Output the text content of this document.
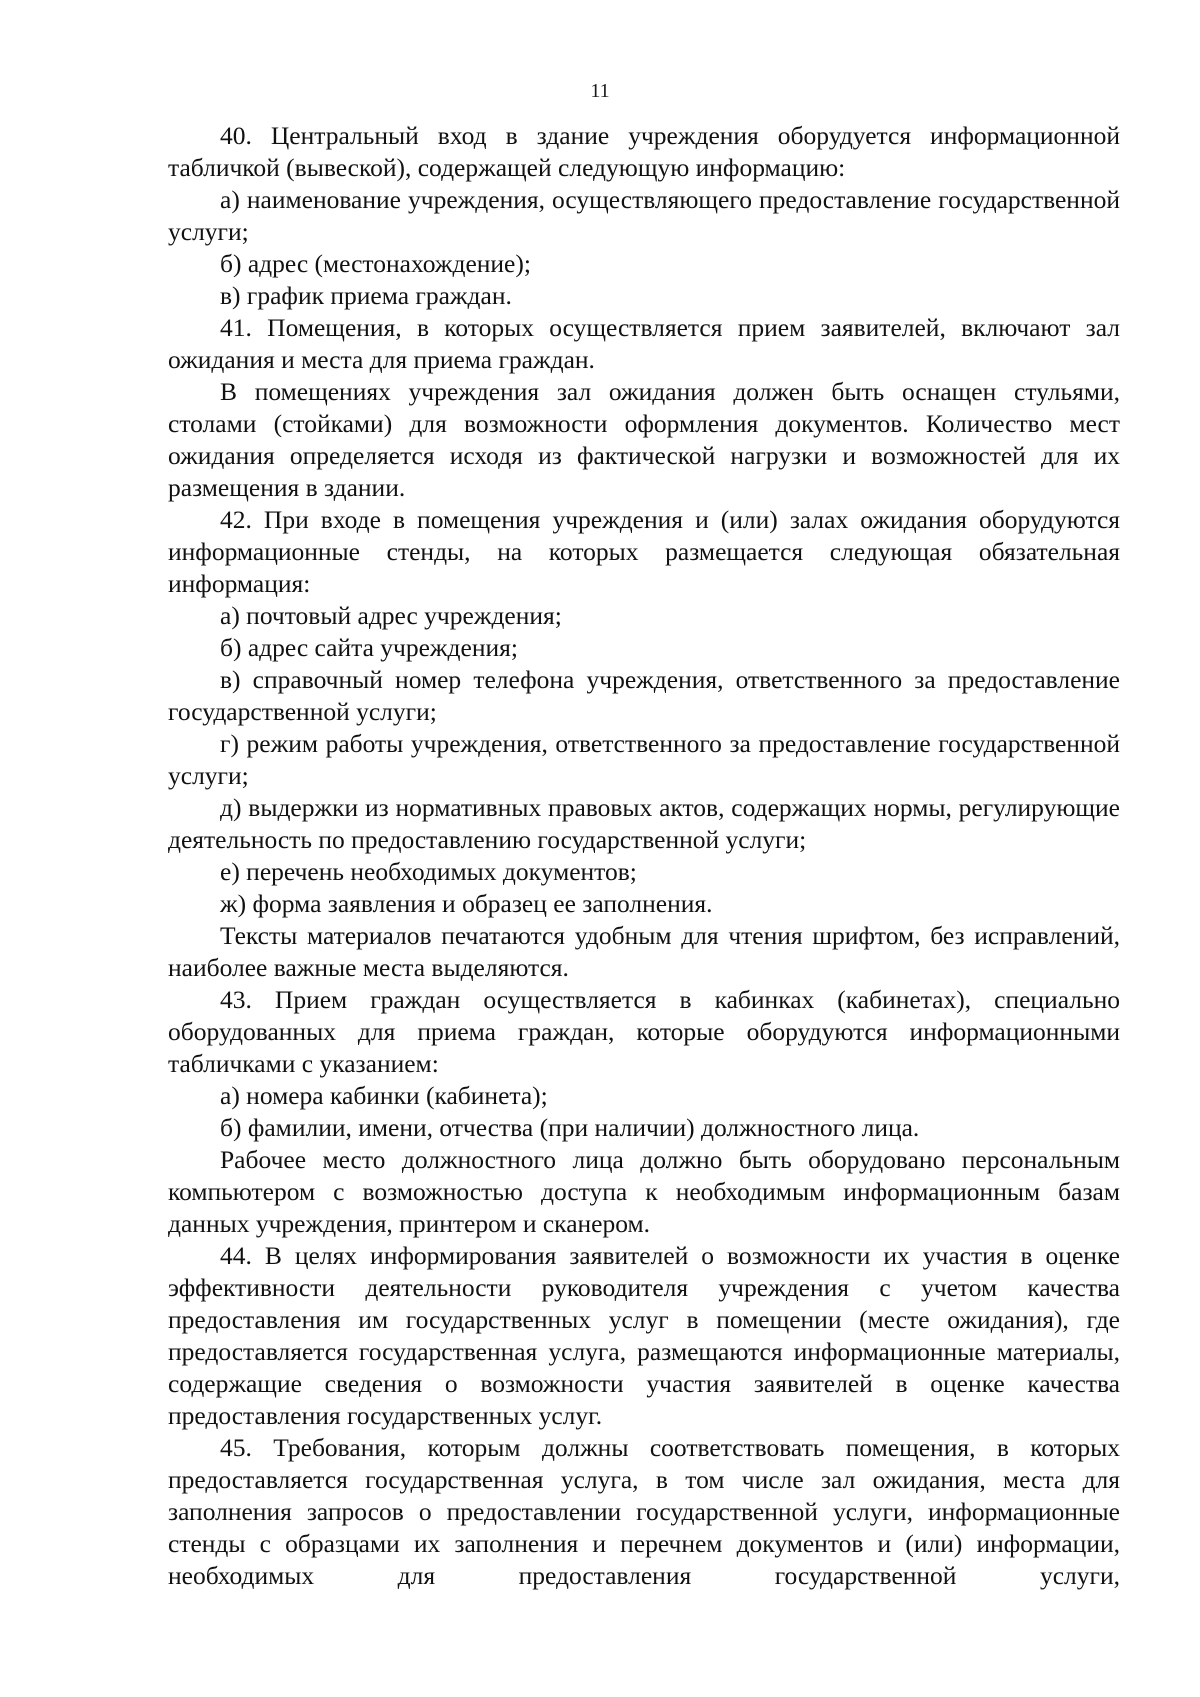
11

40. Центральный вход в здание учреждения оборудуется информационной табличкой (вывеской), содержащей следующую информацию:

а) наименование учреждения, осуществляющего предоставление государственной услуги;

б) адрес (местонахождение);

в) график приема граждан.

41. Помещения, в которых осуществляется прием заявителей, включают зал ожидания и места для приема граждан.

В помещениях учреждения зал ожидания должен быть оснащен стульями, столами (стойками) для возможности оформления документов. Количество мест ожидания определяется исходя из фактической нагрузки и возможностей для их размещения в здании.

42. При входе в помещения учреждения и (или) залах ожидания оборудуются информационные стенды, на которых размещается следующая обязательная информация:

а) почтовый адрес учреждения;

б) адрес сайта учреждения;

в) справочный номер телефона учреждения, ответственного за предоставление государственной услуги;

г) режим работы учреждения, ответственного за предоставление государственной услуги;

д) выдержки из нормативных правовых актов, содержащих нормы, регулирующие деятельность по предоставлению государственной услуги;

е) перечень необходимых документов;

ж) форма заявления и образец ее заполнения.

Тексты материалов печатаются удобным для чтения шрифтом, без исправлений, наиболее важные места выделяются.

43. Прием граждан осуществляется в кабинках (кабинетах), специально оборудованных для приема граждан, которые оборудуются информационными табличками с указанием:

а) номера кабинки (кабинета);

б) фамилии, имени, отчества (при наличии) должностного лица.

Рабочее место должностного лица должно быть оборудовано персональным компьютером с возможностью доступа к необходимым информационным базам данных учреждения, принтером и сканером.

44. В целях информирования заявителей о возможности их участия в оценке эффективности деятельности руководителя учреждения с учетом качества предоставления им государственных услуг в помещении (месте ожидания), где предоставляется государственная услуга, размещаются информационные материалы, содержащие сведения о возможности участия заявителей в оценке качества предоставления государственных услуг.

45. Требования, которым должны соответствовать помещения, в которых предоставляется государственная услуга, в том числе зал ожидания, места для заполнения запросов о предоставлении государственной услуги, информационные стенды с образцами их заполнения и перечнем документов и (или) информации, необходимых для предоставления государственной услуги,
